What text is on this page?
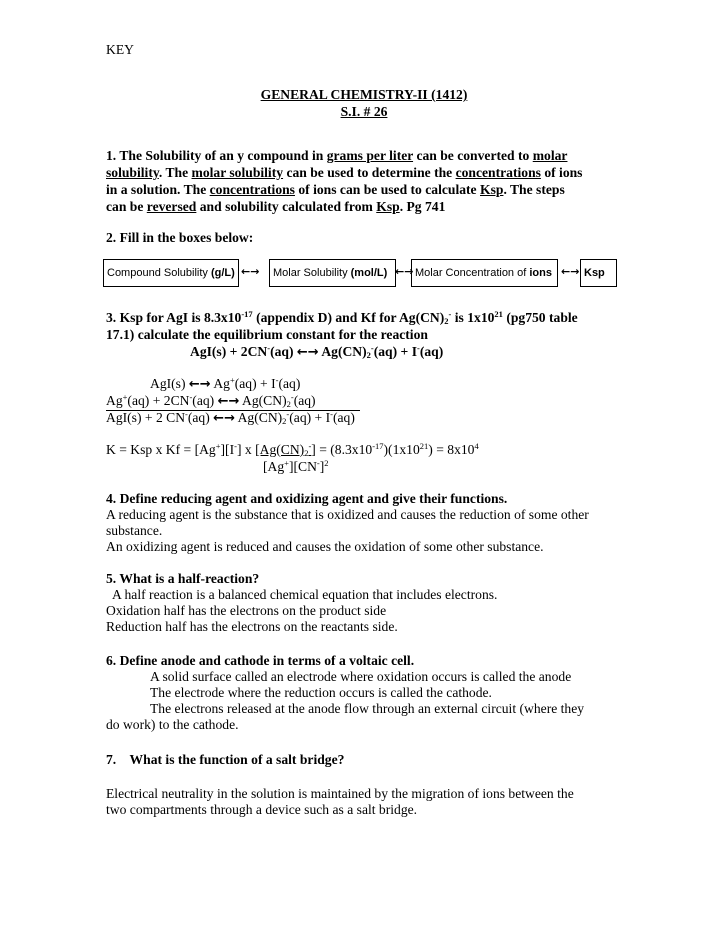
KEY
GENERAL CHEMISTRY-II (1412)
S.I. # 26
1. The Solubility of an y compound in grams per liter can be converted to molar
solubility. The molar solubility can be used to determine the concentrations of ions
in a solution. The concentrations of ions can be used to calculate Ksp. The steps
can be reversed and solubility calculated from Ksp. Pg 741
2. Fill in the boxes below:
Compound Solubility (g/L) ←→	Molar Solubility (mol/L) ←→ Molar Concentration of ions ←→ Ksp
3. Ksp for AgI is $8.3x10^{-17}$ (appendix D) and Kf for $Ag(CN)_2^-$ is $1x10^{21}$ (pg750 table
17.1) calculate the equilibrium constant for the reaction
AgI(s) + 2CN-(aq) ←→ $Ag(CN)_2^-(aq) + I^-(aq)$
AgI(s) ←→ Ag+(aq) + I-(aq)
Ag+(aq) + 2CN-(aq) ←→ $Ag(CN)_2^-(aq)$
AgI(s) + 2 CN-(aq) ←→ $Ag(CN)_2^-(aq) + I^-(aq)$
K = Ksp x Kf = [Ag+][I-] x $[Ag(CN)_2^-] = (8.3x10^{-17})(1x10^{21}) = 8x10^4$
$[Ag^+][CN^-]^2$
4. Define reducing agent and oxidizing agent and give their functions.
A reducing agent is the substance that is oxidized and causes the reduction of some other
substance.
An oxidizing agent is reduced and causes the oxidation of some other substance.
5. What is a half-reaction?
A half reaction is a balanced chemical equation that includes electrons.
Oxidation half has the electrons on the product side
Reduction half has the electrons on the reactants side.
6. Define anode and cathode in terms of a voltaic cell.
A solid surface called an electrode where oxidation occurs is called the anode
The electrode where the reduction occurs is called the cathode.
The electrons released at the anode flow through an external circuit (where they
do work) to the cathode.
7.    What is the function of a salt bridge?
Electrical neutrality in the solution is maintained by the migration of ions between the
two compartments through a device such as a salt bridge.
